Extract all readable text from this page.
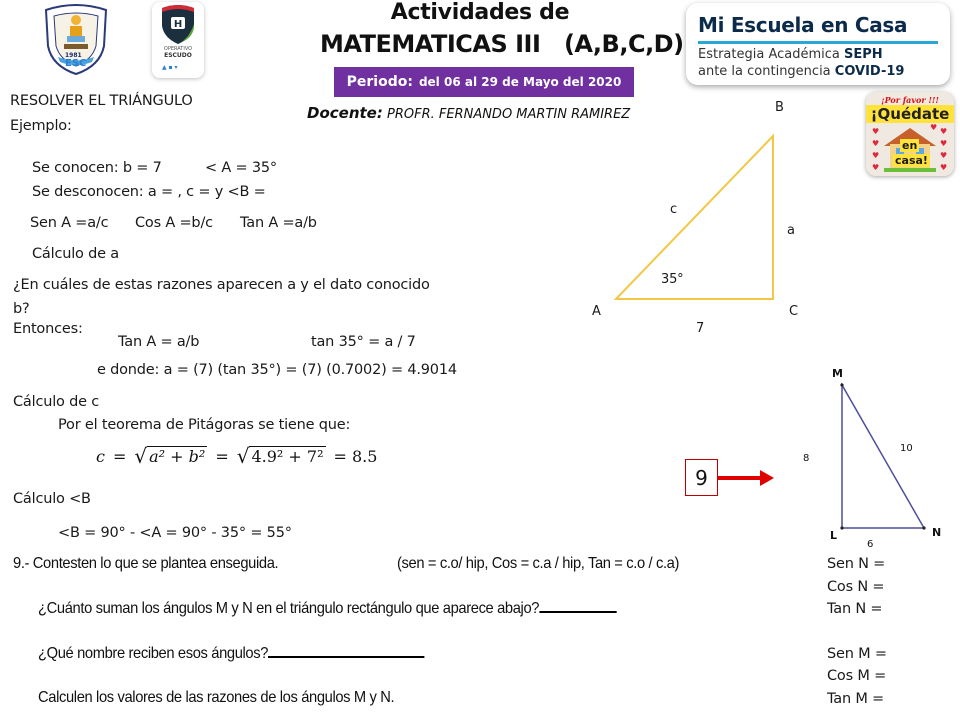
1981
ESC
H
OPERATIVO
ESCUDO
▲ ▪ ▾
Actividades de
MATEMATICAS III   (A,B,C,D)
Periodo: del 06 al 29 de Mayo del 2020
Docente: PROFR. FERNANDO MARTIN RAMIREZ
Mi Escuela en Casa
Estrategia Académica SEPH
ante la contingencia COVID-19
¡Por favor !!!
¡Quédate
♥
♥
♥
♥
♥
♥
♥
♥
♥
en
casa!
RESOLVER EL TRIÁNGULO
Ejemplo:
Se conocen: b = 7	< A = 35°
Se desconocen: a = , c = y <B =
Sen A =a/c Cos A =b/c Tan A =a/b
Cálculo de a
¿En cuáles de estas razones aparecen a y el dato conocido
b?
Entonces:
Tan A = a/b	tan 35° = a / 7
e donde: a = (7) (tan 35°) = (7) (0.7002) = 4.9014
Cálculo de c
Por el teorema de Pitágoras se tiene que:
c = √ a² + b² = √ 4.9² + 7² = 8.5
Cálculo <B
<B = 90° - <A = 90° - 35° = 55°
B
c
a
35°
A	C
7
9
M
10
8
L	N
6
9.- Contesten lo que se plantea enseguida.	(sen = c.o/ hip, Cos = c.a / hip, Tan = c.o / c.a)
¿Cuánto suman los ángulos M y N en el triángulo rectángulo que aparece abajo?
¿Qué nombre reciben esos ángulos?
Calculen los valores de las razones de los ángulos M y N.
Sen N =
Cos N =
Tan N =
Sen M =
Cos M =
Tan M =
